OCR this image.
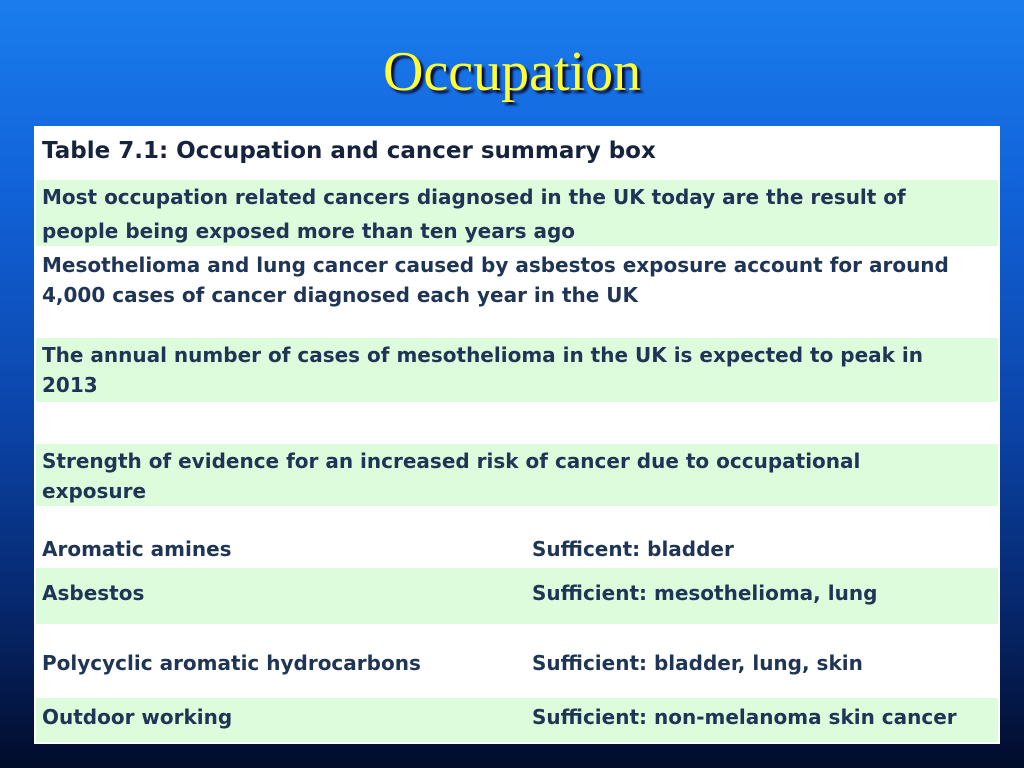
Occupation
Table 7.1: Occupation and cancer summary box
Most occupation related cancers diagnosed in the UK today are the result of people being exposed more than ten years ago
Mesothelioma and lung cancer caused by asbestos exposure account for around 4,000 cases of cancer diagnosed each year in the UK
The annual number of cases of mesothelioma in the UK is expected to peak in 2013
Strength of evidence for an increased risk of cancer due to occupational exposure
Aromatic amines	Sufficent: bladder
Asbestos	Sufficient: mesothelioma, lung
Polycyclic aromatic hydrocarbons	Sufficient: bladder, lung, skin
Outdoor working	Sufficient: non-melanoma skin cancer
